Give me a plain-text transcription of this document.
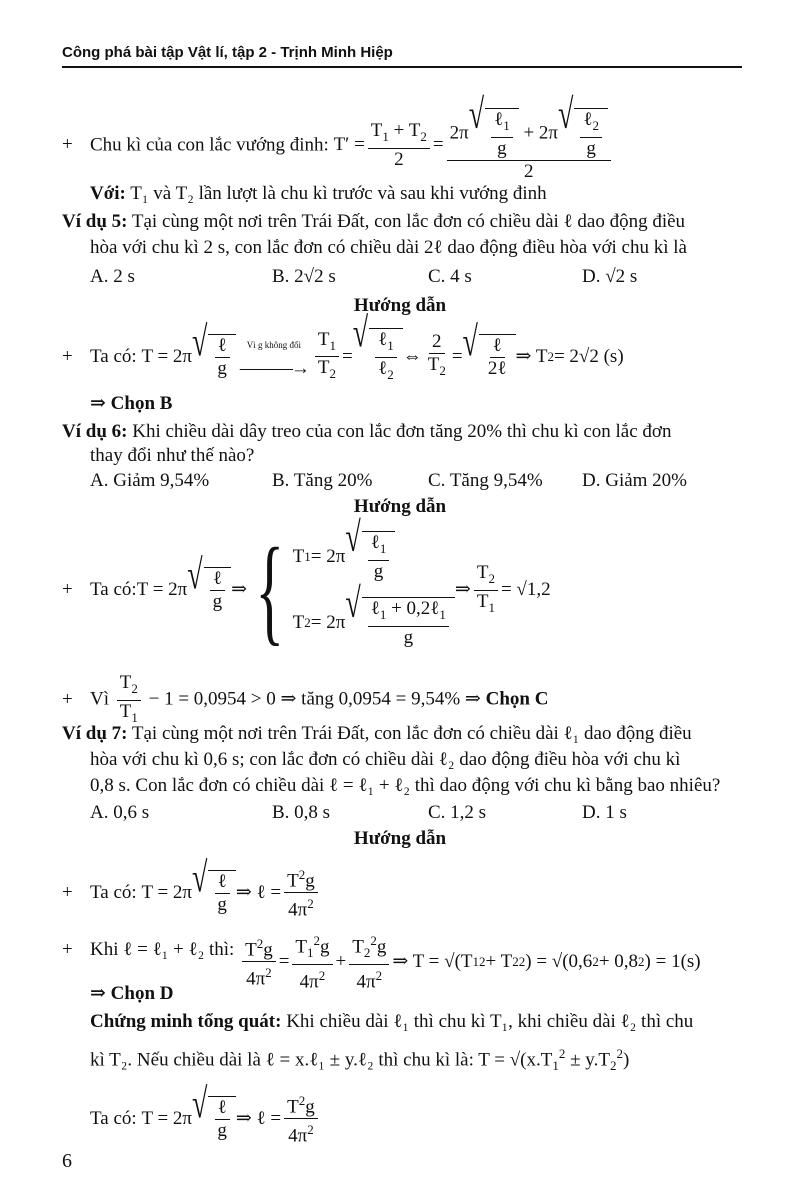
Công phá bài tập Vật lí, tập 2 - Trịnh Minh Hiệp
+ Chu kì của con lắc vướng đinh: $T' = \frac{T_1 + T_2}{2} = \frac{2\pi √ \frac{\ell_1}{g} + 2\pi √ \frac{\ell_2}{g}}{2}$
Với: T₁ và T₂ lần lượt là chu kì trước và sau khi vướng đinh
Ví dụ 5: Tại cùng một nơi trên Trái Đất, con lắc đơn có chiều dài ℓ dao động điều
hòa với chu kì 2 s, con lắc đơn có chiều dài 2ℓ dao động điều hòa với chu kì là
A. 2 s	B. 2√2 s	C. 4 s	D. √2 s
Hướng dẫn
+ Ta có: T = 2π √ $\frac{\text{ℓ}}{g}$ Vì g không đổi
———→ $\frac{T_1}{T_2}$ = √ $\frac{\ell_1}{\ell_2}$ ⇔ $\frac{2}{T_2}$ = √ $\frac{\text{ℓ}}{\text{2ℓ}}$ ⇒ T 2 = 2√2 (s)
⇒ Chọn B
Ví dụ 6: Khi chiều dài dây treo của con lắc đơn tăng 20% thì chu kì con lắc đơn
thay đổi như thế nào?
A. Giảm 9,54%	B. Tăng 20%	C. Tăng 9,54% D. Giảm 20%
Hướng dẫn
+ Ta có: T = 2π √ $\frac{\text{ℓ}}{g}$ ⇒ { T 1 = 2π √ $\frac{\ell_1}{g}$
T 2 = 2π √ $\frac{\ell_1 + 0,2\ell_1}{g}$
⇒ $\frac{T_2}{T_1} = √1,2$
+ Vì $\frac{T_2}{T_1} - 1 = 0,0954 > 0$ ⇒ tăng 0,0954 = 9,54% ⇒ Chọn C
Ví dụ 7: Tại cùng một nơi trên Trái Đất, con lắc đơn có chiều dài ℓ₁ dao động điều
hòa với chu kì 0,6 s; con lắc đơn có chiều dài ℓ₂ dao động điều hòa với chu kì
0,8 s. Con lắc đơn có chiều dài ℓ = ℓ₁ + ℓ₂ thì dao động với chu kì bằng bao nhiêu?
A. 0,6 s	B. 0,8 s	C. 1,2 s	D. 1 s
Hướng dẫn
+ Ta có: T = 2π √ $\frac{\text{ℓ}}{g}$ ⇒ ℓ = $\frac{T^2g}{4\pi^2}$
+ Khi ℓ = ℓ₁ + ℓ₂ thì: $\frac{T^2g}{4\pi^2} = \frac{T_1^2g}{4\pi^2} + \frac{T_2^2g}{4\pi^2}$ ⇒ T = √(T 1 2 + T 2 2 ) = √(0,6 2 + 0,8 2 ) = 1(s)
⇒ Chọn D
Chứng minh tổng quát: Khi chiều dài ℓ₁ thì chu kì T₁, khi chiều dài ℓ₂ thì chu
kì T₂. Nếu chiều dài là ℓ = x.ℓ₁ ± y.ℓ₂ thì chu kì là: $T = √(x.T_1^2 \pm y.T_2^2)$
Ta có: T = 2π √ $\frac{\text{ℓ}}{g}$ ⇒ ℓ = $\frac{T^2g}{4\pi^2}$
6
